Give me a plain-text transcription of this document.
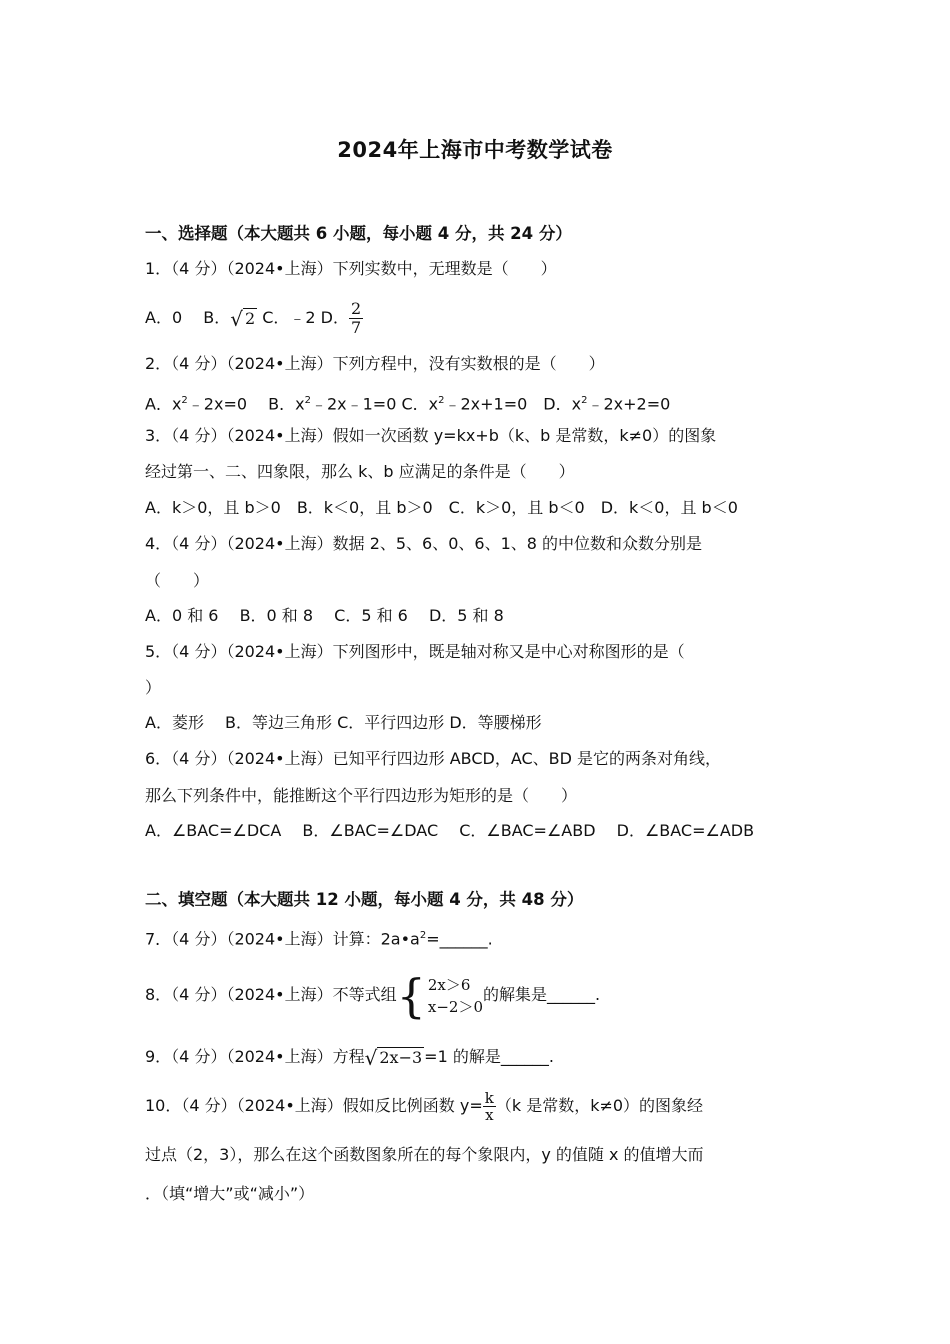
2024年上海市中考数学试卷
一、选择题（本大题共 6 小题，每小题 4 分，共 24 分）
1．（4 分）（2024•上海）下列实数中，无理数是（　　）
A．0　 B． √ 2 C．﹣2 D． $\frac{2}{7}$
2．（4 分）（2024•上海）下列方程中，没有实数根的是（　　）
A．$x^2﹣2x=0$　 B．$x^2﹣2x﹣1=0$ C．$x^2﹣2x+1=0$　D．$x^2﹣2x+2=0$
3．（4 分）（2024•上海）假如一次函数 y=kx+b（k、b 是常数，k≠0）的图象
经过第一、二、四象限，那么 k、b 应满足的条件是（　　）
A．k＞0，且 b＞0　B．k＜0，且 b＞0　C．k＞0，且 b＜0　D．k＜0，且 b＜0
4．（4 分）（2024•上海）数据 2、5、6、0、6、1、8 的中位数和众数分别是
（　　）
A．0 和 6　 B．0 和 8　 C．5 和 6　 D．5 和 8
5．（4 分）（2024•上海）下列图形中，既是轴对称又是中心对称图形的是（
）
A．菱形　 B．等边三角形 C．平行四边形 D．等腰梯形
6．（4 分）（2024•上海）已知平行四边形 ABCD，AC、BD 是它的两条对角线，
那么下列条件中，能推断这个平行四边形为矩形的是（　　）
A．∠BAC=∠DCA　 B．∠BAC=∠DAC　 C．∠BAC=∠ABD　 D．∠BAC=∠ADB
二、填空题（本大题共 12 小题，每小题 4 分，共 48 分）
7．（4 分）（2024•上海）计算：$2a•a^2=\_\_\_\_\_\_$.
8．（4 分）（2024•上海）不等式组 { 2x＞6
x−2＞0
的解集是______.
9．（4 分）（2024•上海）方程 √ 2x−3 =1 的解是______.
10．（4 分）（2024•上海）假如反比例函数 $y= \frac{k}{x} (k$ 是常数，k≠0）的图象经
过点（2，3），那么在这个函数图象所在的每个象限内，y 的值随 x 的值增大而
．（填“增大”或“减小”）
